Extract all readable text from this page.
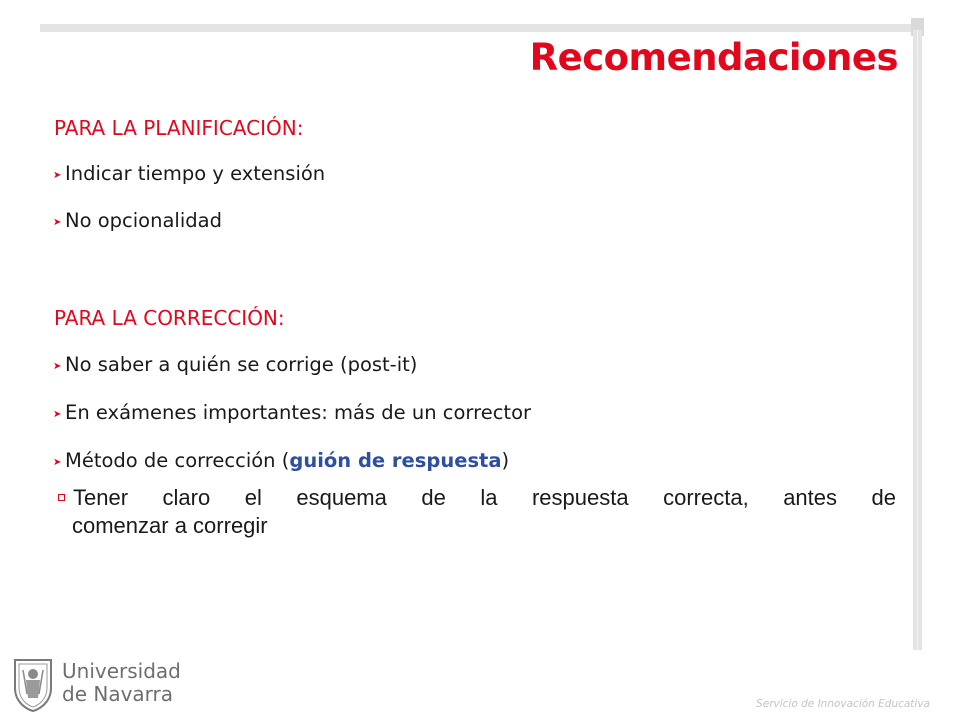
Recomendaciones
PARA LA PLANIFICACIÓN:
➤ Indicar tiempo y extensión
➤ No opcionalidad
PARA LA CORRECCIÓN:
➤ No saber a quién se corrige (post-it)
➤ En exámenes importantes: más de un corrector
➤ Método de corrección (guión de respuesta)
Tener claro el esquema de la respuesta correcta, antes de
comenzar a corregir
Universidad
de Navarra	Servicio de Innovación Educativa
